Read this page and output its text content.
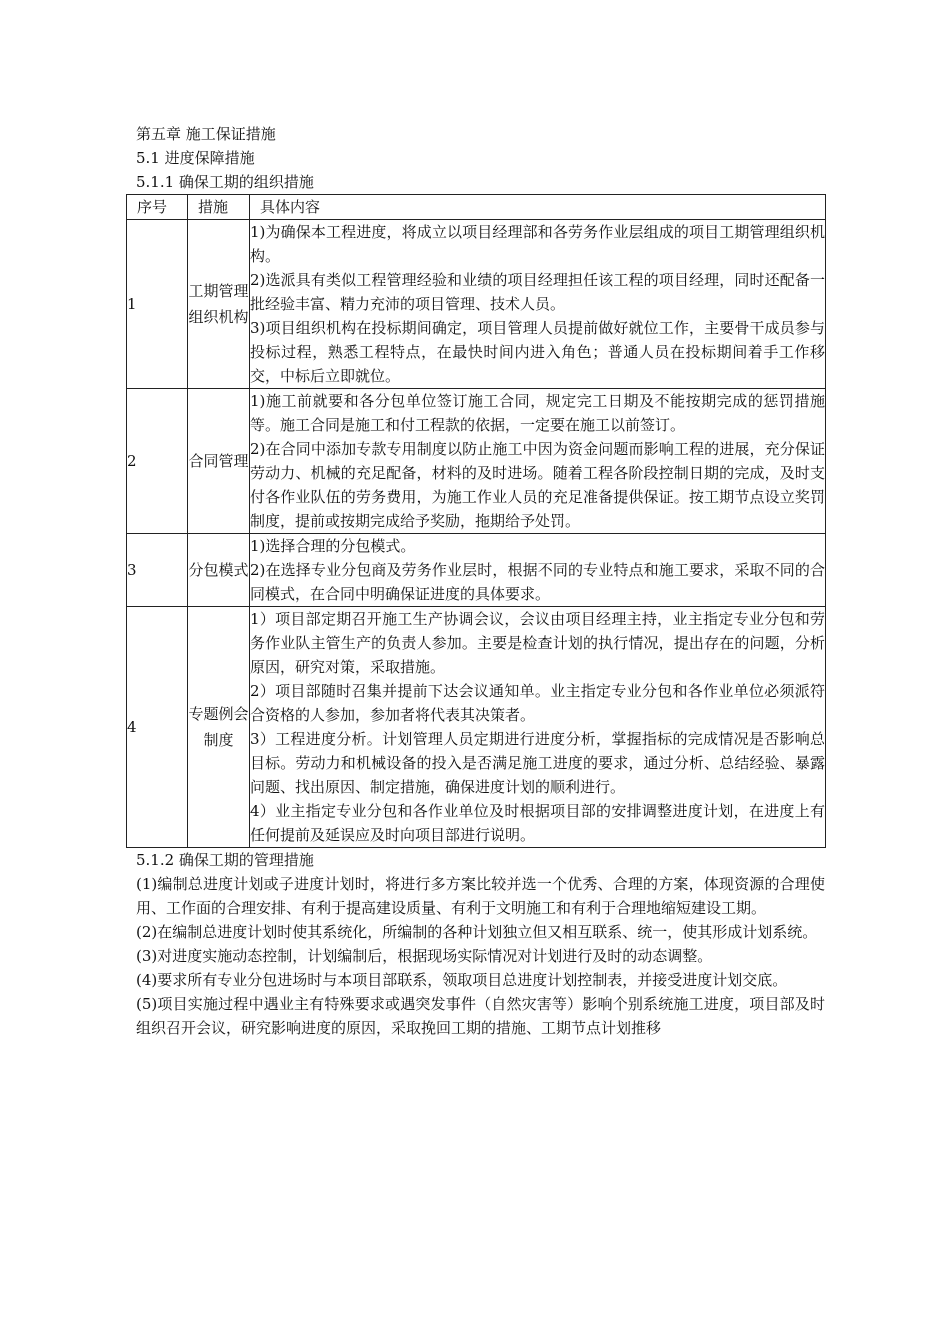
第五章 施工保证措施
5.1 进度保障措施
5.1.1 确保工期的组织措施
序号	措施	具体内容
1	工期管理组织机构	1)为确保本工程进度，将成立以项目经理部和各劳务作业层组成的项目工期管理组织机构。

2)选派具有类似工程管理经验和业绩的项目经理担任该工程的项目经理，同时还配备一批经验丰富、精力充沛的项目管理、技术人员。

3)项目组织机构在投标期间确定，项目管理人员提前做好就位工作，主要骨干成员参与投标过程，熟悉工程特点，在最快时间内进入角色；普通人员在投标期间着手工作移交，中标后立即就位。

2	合同管理	1)施工前就要和各分包单位签订施工合同，规定完工日期及不能按期完成的惩罚措施等。施工合同是施工和付工程款的依据，一定要在施工以前签订。

2)在合同中添加专款专用制度以防止施工中因为资金问题而影响工程的进展，充分保证劳动力、机械的充足配备，材料的及时进场。随着工程各阶段控制日期的完成，及时支付各作业队伍的劳务费用，为施工作业人员的充足准备提供保证。按工期节点设立奖罚制度，提前或按期完成给予奖励，拖期给予处罚。

3	分包模式	1)选择合理的分包模式。

2)在选择专业分包商及劳务作业层时，根据不同的专业特点和施工要求，采取不同的合同模式，在合同中明确保证进度的具体要求。

4	专题例会制度	1）项目部定期召开施工生产协调会议，会议由项目经理主持，业主指定专业分包和劳务作业队主管生产的负责人参加。主要是检查计划的执行情况，提出存在的问题，分析原因，研究对策，采取措施。

2）项目部随时召集并提前下达会议通知单。业主指定专业分包和各作业单位必须派符合资格的人参加，参加者将代表其决策者。

3）工程进度分析。计划管理人员定期进行进度分析，掌握指标的完成情况是否影响总目标。劳动力和机械设备的投入是否满足施工进度的要求，通过分析、总结经验、暴露问题、找出原因、制定措施，确保进度计划的顺利进行。

4）业主指定专业分包和各作业单位及时根据项目部的安排调整进度计划，在进度上有任何提前及延误应及时向项目部进行说明。

5.1.2 确保工期的管理措施

(1)编制总进度计划或子进度计划时，将进行多方案比较并选一个优秀、合理的方案，体现资源的合理使用、工作面的合理安排、有利于提高建设质量、有利于文明施工和有利于合理地缩短建设工期。

(2)在编制总进度计划时使其系统化，所编制的各种计划独立但又相互联系、统一，使其形成计划系统。

(3)对进度实施动态控制，计划编制后，根据现场实际情况对计划进行及时的动态调整。

(4)要求所有专业分包进场时与本项目部联系，领取项目总进度计划控制表，并接受进度计划交底。

(5)项目实施过程中遇业主有特殊要求或遇突发事件（自然灾害等）影响个别系统施工进度，项目部及时组织召开会议，研究影响进度的原因，采取挽回工期的措施、工期节点计划推移
